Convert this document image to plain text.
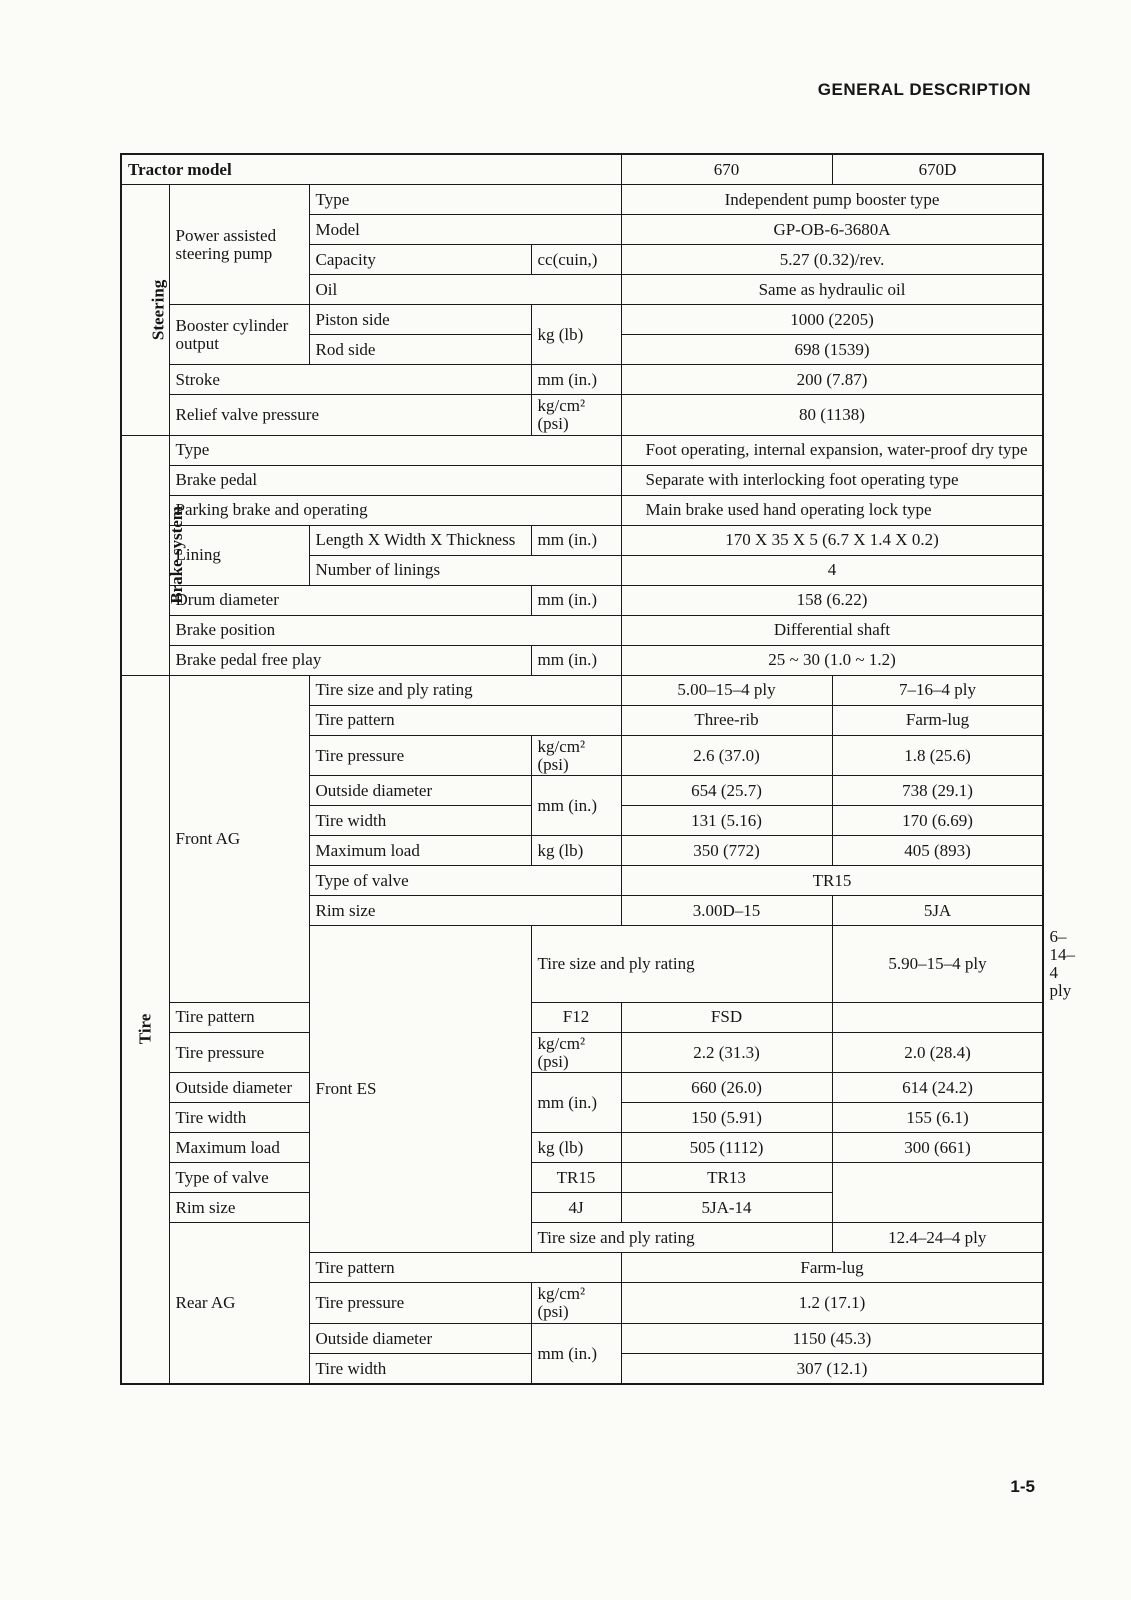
GENERAL DESCRIPTION
Tractor model				670	670D	
Steering	Power assisted steering pump	Type		Independent pump booster type		
		Model		GP-OB-6-3680A		
		Capacity	cc(cuin,)	5.27 (0.32)/rev.		
		Oil		Same as hydraulic oil		
	Booster cylinder output	Piston side	kg (lb)	1000 (2205)		
		Rod side		698 (1539)		
	Stroke		mm (in.)	200 (7.87)		
	Relief valve pressure		kg/cm² (psi)	80 (1138)		
Brake system	Type			Foot operating, internal expansion, water-proof dry type		
	Brake pedal			Separate with interlocking foot operating type		
	Parking brake and operating			Main brake used hand operating lock type		
	Lining	Length X Width X Thickness	mm (in.)	170 X 35 X 5 (6.7 X 1.4 X 0.2)		
		Number of linings		4		
	Drum diameter		mm (in.)	158 (6.22)		
	Brake position			Differential shaft		
	Brake pedal free play		mm (in.)	25 ~ 30 (1.0 ~ 1.2)		
Tire	Front AG	Tire size and ply rating		5.00–15–4 ply	7–16–4 ply	
		Tire pattern		Three-rib	Farm-lug	
		Tire pressure	kg/cm² (psi)	2.6 (37.0)	1.8 (25.6)	
		Outside diameter	mm (in.)	654 (25.7)	738 (29.1)	
		Tire width		131 (5.16)	170 (6.69)	
		Maximum load	kg (lb)	350 (772)	405 (893)	
		Type of valve		TR15		
		Rim size		3.00D–15	5JA	
		Front ES	Tire size and ply rating		5.90–15–4 ply	6–14–4 ply
	Tire pattern		F12	FSD		
	Tire pressure		kg/cm² (psi)	2.2 (31.3)	2.0 (28.4)	
	Outside diameter		mm (in.)	660 (26.0)	614 (24.2)	
	Tire width			150 (5.91)	155 (6.1)	
	Maximum load		kg (lb)	505 (1112)	300 (661)	
	Type of valve		TR15	TR13		
	Rim size		4J	5JA-14		
	Rear AG		Tire size and ply rating		12.4–24–4 ply	
		Tire pattern		Farm-lug		
		Tire pressure	kg/cm² (psi)	1.2 (17.1)		
		Outside diameter	mm (in.)	1150 (45.3)		
		Tire width		307 (12.1)		
1-5
